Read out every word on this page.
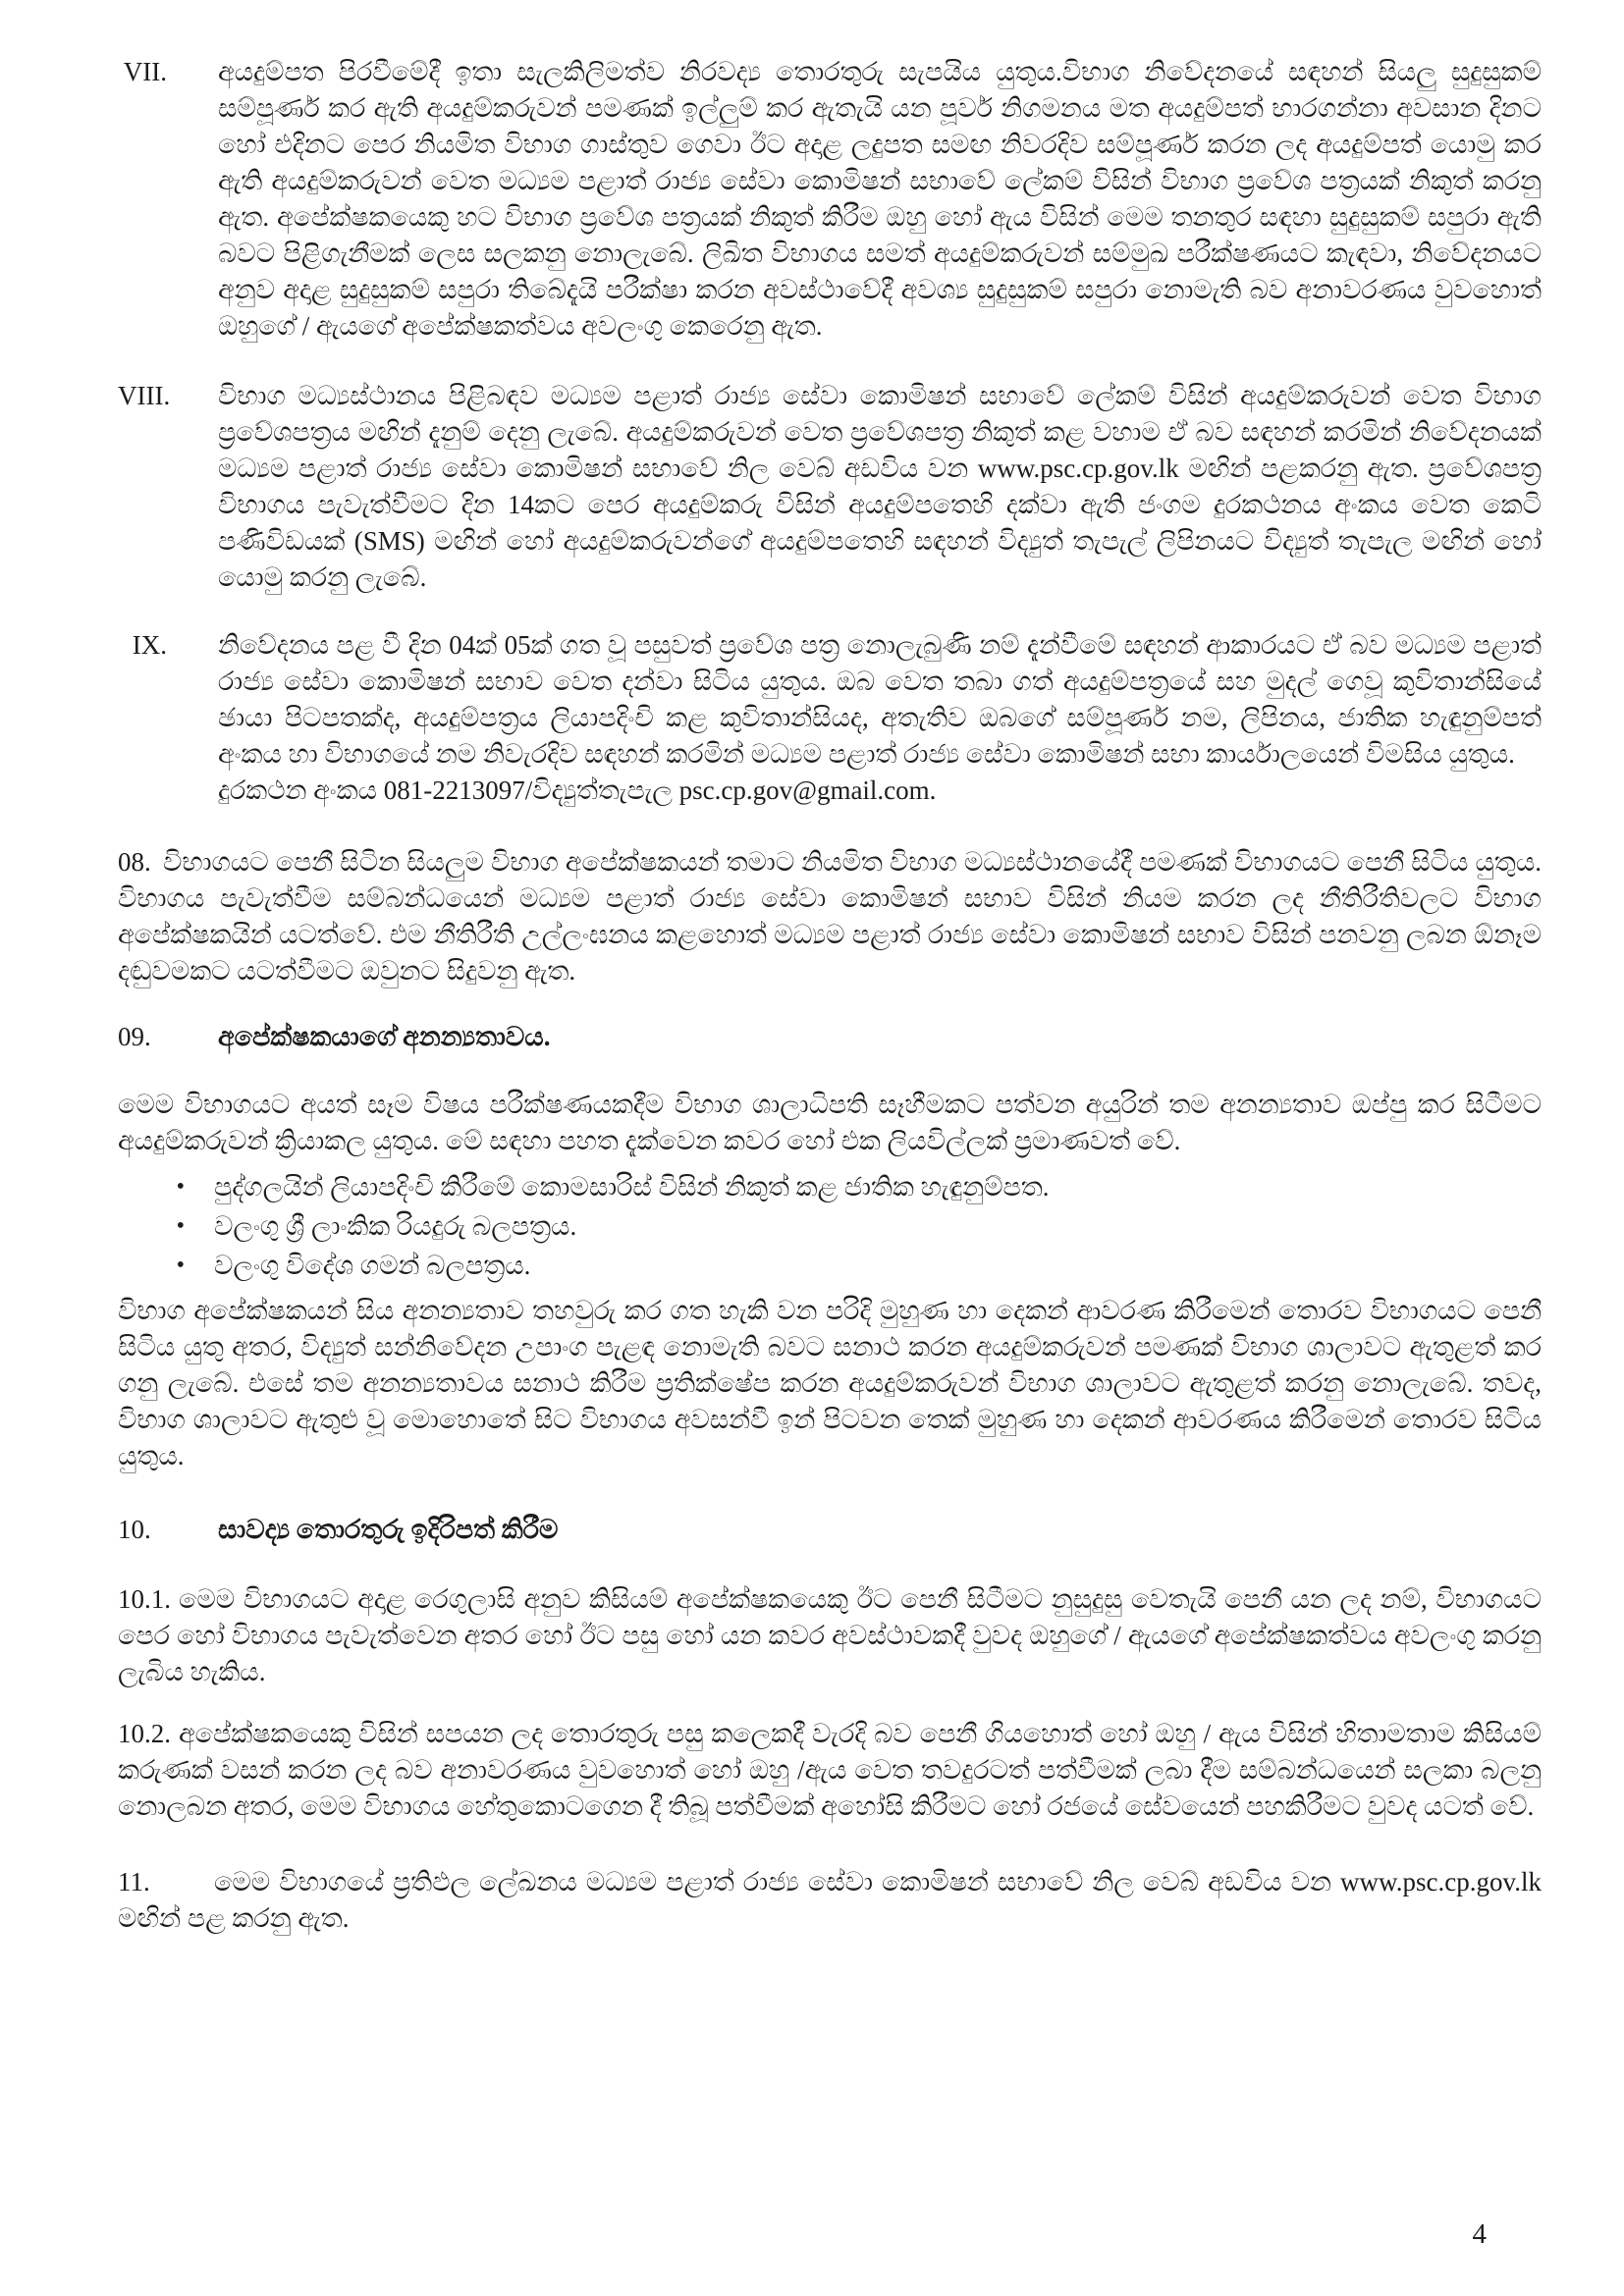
VII.	අයදුම්පත පිරවීමේදී ඉතා සැලකිලිමත්ව නිරවද්‍ය තොරතුරු සැපයිය යුතුය.විභාග නිවේදනයේ සඳහන් සියලු සුදුසුකම් සම්පූර්ණ කර ඇති අයදුම්කරුවන් පමණක් ඉල්ලුම් කර ඇතැයි යන පූර්ව නිගමනය මත අයදුම්පත් භාරගන්නා අවසාන දිනට හෝ එදිනට පෙර නියමිත විභාග ගාස්තුව ගෙවා ඊට අදාළ ලදුපත සමඟ නිවරදිව සම්පූර්ණ කරන ලද අයදුම්පත් යොමු කර ඇති අයදුම්කරුවන් වෙත මධ්‍යම පළාත් රාජ්‍ය සේවා කොමිෂන් සභාවේ ලේකම් විසින් විභාග ප්‍රවේශ පත්‍රයක් නිකුත් කරනු ඇත. අපේක්ෂකයෙකු හට විභාග ප්‍රවේශ පත්‍රයක් නිකුත් කිරීම ඔහු හෝ ඇය විසින් මෙම තනතුර සඳහා සුදුසුකම් සපුරා ඇති බවට පිළිගැනීමක් ලෙස සලකනු නොලැබේ. ලිඛිත විභාගය සමත් අයදුම්කරුවන් සම්මුඛ පරීක්ෂණයට කැඳවා, නිවේදනයට අනුව අදාළ සුදුසුකම් සපුරා තිබේදැයි පරීක්ෂා කරන අවස්ථාවේදී අවශ්‍ය සුදුසුකම් සපුරා නොමැති බව අනාවරණය වුවහොත් ඔහුගේ / ඇයගේ අපේක්ෂකත්වය අවලංගු කෙරෙනු ඇත.
VIII.	විභාග මධ්‍යස්ථානය පිළිබඳව මධ්‍යම පළාත් රාජ්‍ය සේවා කොමිෂන් සභාවේ ලේකම් විසින් අයදුම්කරුවන් වෙත විභාග ප්‍රවේශපත්‍රය මඟින් දැනුම් දෙනු ලැබේ. අයදුම්කරුවන් වෙත ප්‍රවේශපත්‍ර නිකුත් කළ වහාම ඒ බව සඳහන් කරමින් නිවේදනයක් මධ්‍යම පළාත් රාජ්‍ය සේවා කොමිෂන් සභාවේ නිල වෙබ් අඩවිය වන www.psc.cp.gov.lk මඟින් පළකරනු ඇත. ප්‍රවේශපත්‍ර විභාගය පැවැත්වීමට දින 14කට පෙර අයදුම්කරු විසින් අයදුම්පතෙහි දක්වා ඇති ජංගම දුරකථනය අංකය වෙත කෙටි පණිවිඩයක් (SMS) මඟින් හෝ අයදුම්කරුවන්ගේ අයදුම්පතෙහි සඳහන් විද්‍යුත් තැපැල් ලිපිනයට විද්‍යුත් තැපැල මඟින් හෝ යොමු කරනු ලැබේ.
IX.	නිවේදනය පළ වී දින 04ක් 05ක් ගත වූ පසුවත් ප්‍රවේශ පත්‍ර නොලැබුණි නම් දැන්වීමේ සඳහන් ආකාරයට ඒ බව මධ්‍යම පළාත් රාජ්‍ය සේවා කොමිෂන් සභාව වෙත දන්වා සිටිය යුතුය. ඔබ වෙත තබා ගත් අයදුම්පත්‍රයේ සහ මුදල් ගෙවූ කුවිතාන්සියේ ඡායා පිටපතක්ද, අයදුම්පත්‍රය ලියාපදිංචි කළ කුවිතාන්සියද, අතැතිව ඔබගේ සම්පූර්ණ නම, ලිපිනය, ජාතික හැඳුනුම්පත් අංකය හා විභාගයේ නම නිවැරදිව සඳහන් කරමින් මධ්‍යම පළාත් රාජ්‍ය සේවා කොමිෂන් සභා කාර්යාලයෙන් විමසිය යුතුය.
දුරකථන අංකය 081-2213097/විද්‍යුත්තැපැල psc.cp.gov@gmail.com.

08. විභාගයට පෙනී සිටින සියලුම විභාග අපේක්ෂකයන් තමාට නියමිත විභාග මධ්‍යස්ථානයේදී පමණක් විභාගයට පෙනී සිටිය යුතුය. විභාගය පැවැත්වීම සම්බන්ධයෙන් මධ්‍යම පළාත් රාජ්‍ය සේවා කොමිෂන් සභාව විසින් නියම කරන ලද නීතිරීතිවලට විභාග අපේක්ෂකයින් යටත්වේ. එම නීතිරීති උල්ලංඝනය කළහොත් මධ්‍යම පළාත් රාජ්‍ය සේවා කොමිෂන් සභාව විසින් පනවනු ලබන ඕනෑම දඬුවමකට යටත්වීමට ඔවුනට සිදුවනු ඇත.

09.	අපේක්ෂකයාගේ අනන්‍යතාවය.

මෙම විභාගයට අයත් සෑම විෂය පරීක්ෂණයකදීම විභාග ශාලාධිපති සෑහීමකට පත්වන අයුරින් තම අනන්‍යතාව ඔප්පු කර සිටීමට අයදුම්කරුවන් ක්‍රියාකල යුතුය. මේ සඳහා පහත දැක්වෙන කවර හෝ එක ලියවිල්ලක් ප්‍රමාණවත් වේ.

•	පුද්ගලයින් ලියාපදිංචි කිරීමේ කොමසාරිස් විසින් නිකුත් කළ ජාතික හැඳුනුම්පත.
•	වලංගු ශ්‍රී ලාංකික රියදුරු බලපත්‍රය.
•	වලංගු විදේශ ගමන් බලපත්‍රය.

විභාග අපේක්ෂකයන් සිය අනන්‍යතාව තහවුරු කර ගත හැකි වන පරිදි මුහුණ හා දෙකන් ආවරණ කිරීමෙන් තොරව විභාගයට පෙනී සිටිය යුතු අතර, විද්‍යුත් සන්නිවේදන උපාංග පැළඳ නොමැති බවට සනාථ කරන අයදුම්කරුවන් පමණක් විභාග ශාලාවට ඇතුළත් කර ගනු ලැබේ. එසේ තම අනන්‍යතාවය සනාථ කිරීම ප්‍රතික්ෂේප කරන අයදුම්කරුවන් විභාග ශාලාවට ඇතුළත් කරනු නොලැබේ. තවද, විභාග ශාලාවට ඇතුළු වූ මොහොතේ සිට විභාගය අවසන්වී ඉන් පිටවන තෙක් මුහුණ හා දෙකන් ආවරණය කිරීමෙන් තොරව සිටිය යුතුය.

10.	සාවද්‍ය තොරතුරු ඉදිරිපත් කිරීම

10.1. මෙම විභාගයට අදාළ රෙගුලාසි අනුව කිසියම් අපේක්ෂකයෙකු ඊට පෙනී සිටීමට නුසුදුසු වෙතැයි පෙනී යන ලද නම්, විභාගයට පෙර හෝ විභාගය පැවැත්වෙන අතර හෝ ඊට පසු හෝ යන කවර අවස්ථාවකදී වුවද ඔහුගේ / ඇයගේ අපේක්ෂකත්වය අවලංගු කරනු ලැබිය හැකිය.

10.2. අපේක්ෂකයෙකු විසින් සපයන ලද තොරතුරු පසු කලෙකදී වැරදි බව පෙනී ගියහොත් හෝ ඔහු / ඇය විසින් හිතාමතාම කිසියම් කරුණක් වසන් කරන ලද බව අනාවරණය වුවහොත් හෝ ඔහු /ඇය වෙත තවදුරටත් පත්වීමක් ලබා දීම සම්බන්ධයෙන් සලකා බලනු නොලබන අතර, මෙම විභාගය හේතුකොටගෙන දී තිබූ පත්වීමක් අහෝසි කිරීමට හෝ රජයේ සේවයෙන් පහකිරීමට වුවද යටත් වේ.

11. මෙම විභාගයේ ප්‍රතිඵල ලේඛනය මධ්‍යම පළාත් රාජ්‍ය සේවා කොමිෂන් සභාවේ නිල වෙබ් අඩවිය වන www.psc.cp.gov.lk මඟින් පළ කරනු ඇත.

4
